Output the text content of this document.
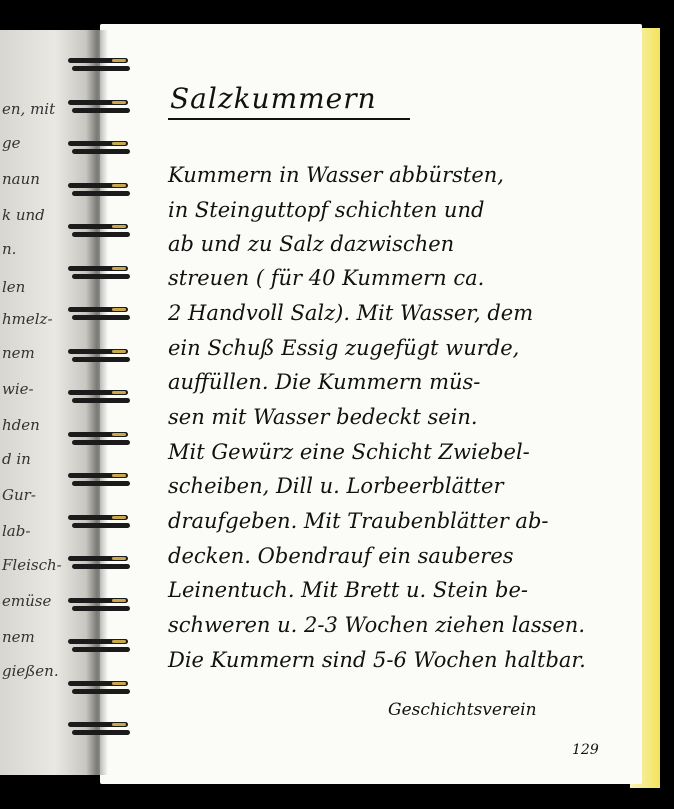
en, mit
ge
naun
k und
n.
len
hmelz-
nem
wie-
hden
d in
Gur-
lab-
Fleisch-
emüse
nem
gießen.
Salzkummern
Kummern in Wasser abbürsten,
in Steinguttopf schichten und
ab und zu Salz dazwischen
streuen ( für 40 Kummern ca.
2 Handvoll Salz). Mit Wasser, dem
ein Schuß Essig zugefügt wurde,
auffüllen. Die Kummern müs-
sen mit Wasser bedeckt sein.
Mit Gewürz eine Schicht Zwiebel-
scheiben, Dill u. Lorbeerblätter
draufgeben. Mit Traubenblätter ab-
decken. Obendrauf ein sauberes
Leinentuch. Mit Brett u. Stein be-
schweren u. 2-3 Wochen ziehen lassen.
Die Kummern sind 5-6 Wochen haltbar.
Geschichtsverein
129
